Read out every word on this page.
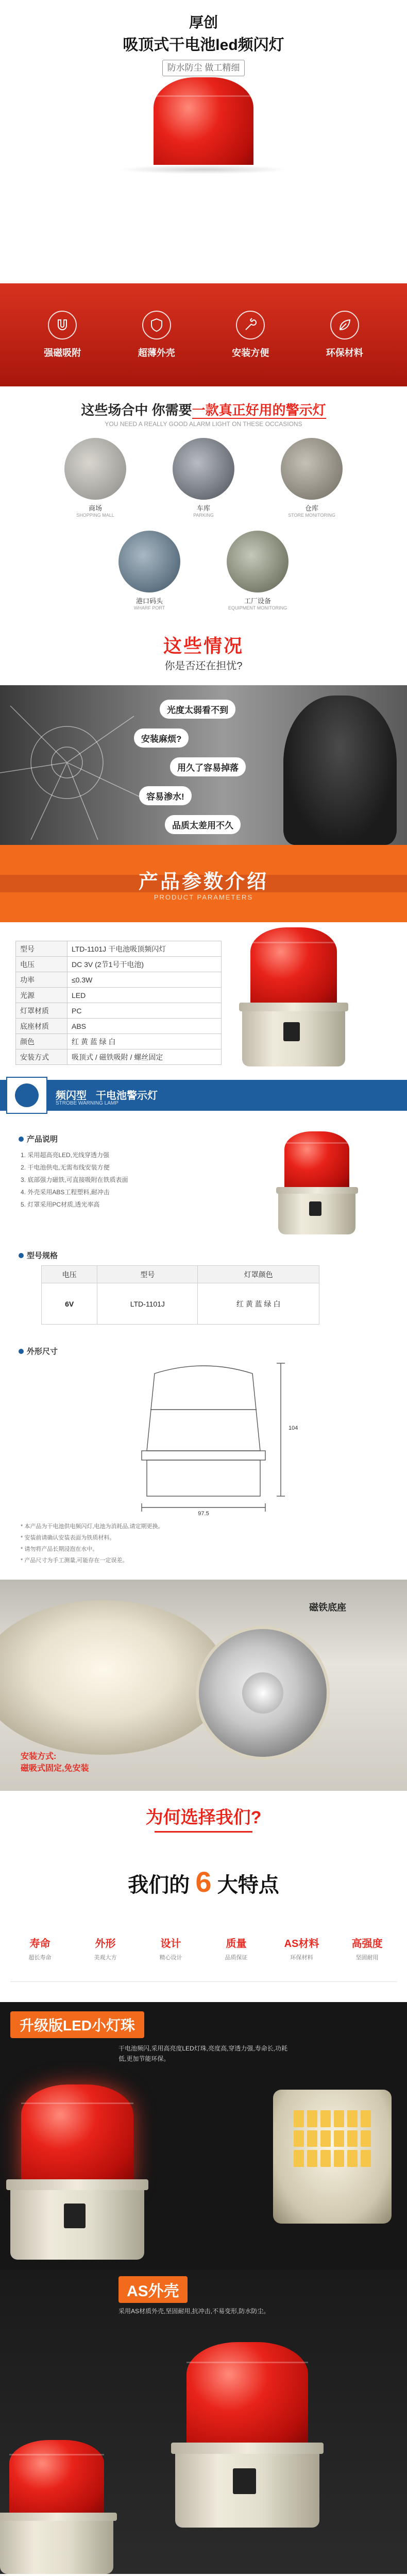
厚创
吸顶式干电池led频闪灯
防水防尘 做工精细
强磁吸附	超薄外壳	安装方便	环保材料
这些场合中 你需要一款真正好用的警示灯
YOU NEED A REALLY GOOD ALARM LIGHT ON THESE OCCASIONS
商场
SHOPPING MALL
车库
PARKING
仓库
STORE MONITORING
港口码头
WHARF PORT
工厂设备
EQUIPMENT MONITORING
这些情况
你是否还在担忧?
光度太弱看不到
安装麻烦?
用久了容易掉落
容易渗水!
品质太差用不久
产品参数介绍
PRODUCT PARAMETERS
型号	LTD-1101J 干电池吸顶频闪灯
电压	DC 3V (2节1号干电池)
功率	≤0.3W
光源	LED
灯罩材质	PC
底座材质	ABS
颜色	红 黄 蓝 绿 白
安装方式	吸顶式 / 磁铁吸附 / 螺丝固定
频闪型 干电池警示灯
STROBE WARNING LAMP
产品说明
1. 采用超高亮LED,光线穿透力强
2. 干电池供电,无需布线安装方便
3. 底部强力磁铁,可直接吸附在铁质表面
4. 外壳采用ABS工程塑料,耐冲击
5. 灯罩采用PC材质,透光率高
型号规格
电压	型号	灯罩颜色
6V	LTD-1101J	红 黄 蓝 绿 白
外形尺寸
97.5
104
* 本产品为干电池供电频闪灯,电池为消耗品,请定期更换。
* 安装前请确认安装表面为铁质材料。
* 请勿将产品长期浸泡在水中。
* 产品尺寸为手工测量,可能存在一定误差。
磁铁底座
安装方式:
磁吸式固定,免安装
为何选择我们?
我们的 6 大特点
寿命
超长寿命
外形
美观大方
设计
精心设计
质量
品质保证
AS材料
环保材料
高强度
坚固耐用
升级版LED小灯珠
干电池频闪,采用高亮度LED灯珠,亮度高,穿透力强,寿命长,功耗低,更加节能环保。
AS外壳
采用AS材质外壳,坚固耐用,抗冲击,不易变形,防水防尘。
